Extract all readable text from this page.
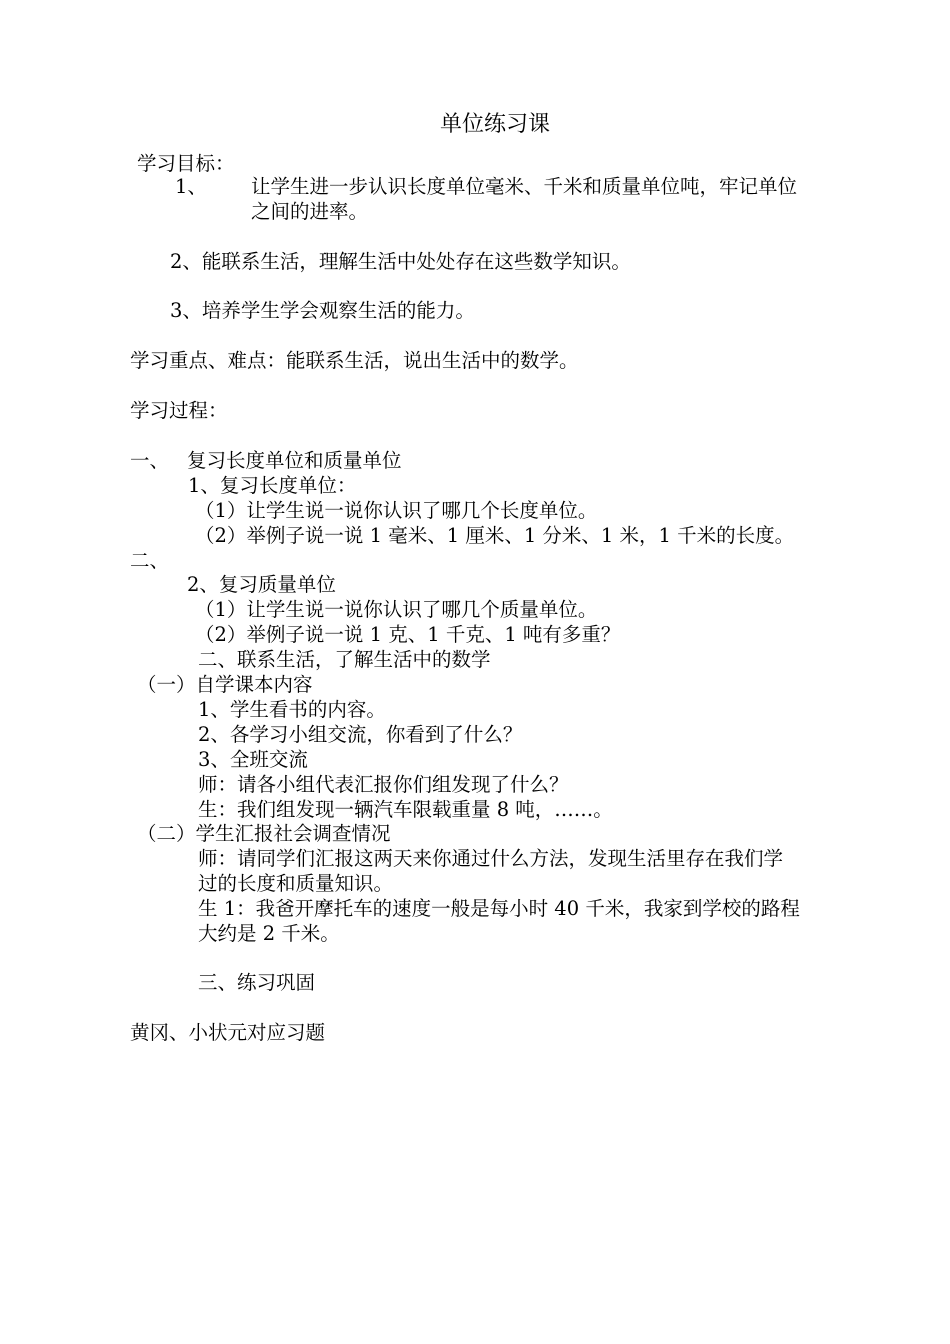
单位练习课
学习目标：
1、 让学生进一步认识长度单位毫米、千米和质量单位吨，牢记单位
之间的进率。
2、能联系生活，理解生活中处处存在这些数学知识。
3、培养学生学会观察生活的能力。
学习重点、难点：能联系生活，说出生活中的数学。
学习过程：
一、 复习长度单位和质量单位
1、复习长度单位：
（1）让学生说一说你认识了哪几个长度单位。
（2）举例子说一说 1 毫米、1 厘米、1 分米、1 米，1 千米的长度。
二、
2、复习质量单位
（1）让学生说一说你认识了哪几个质量单位。
（2）举例子说一说 1 克、1 千克、1 吨有多重？
二、联系生活，了解生活中的数学
（一）自学课本内容
1、学生看书的内容。
2、各学习小组交流，你看到了什么？
3、全班交流
师：请各小组代表汇报你们组发现了什么？
生：我们组发现一辆汽车限载重量 8 吨，……。
（二）学生汇报社会调查情况
师：请同学们汇报这两天来你通过什么方法，发现生活里存在我们学
过的长度和质量知识。
生 1：我爸开摩托车的速度一般是每小时 40 千米，我家到学校的路程
大约是 2 千米。
三、练习巩固
黄冈、小状元对应习题
